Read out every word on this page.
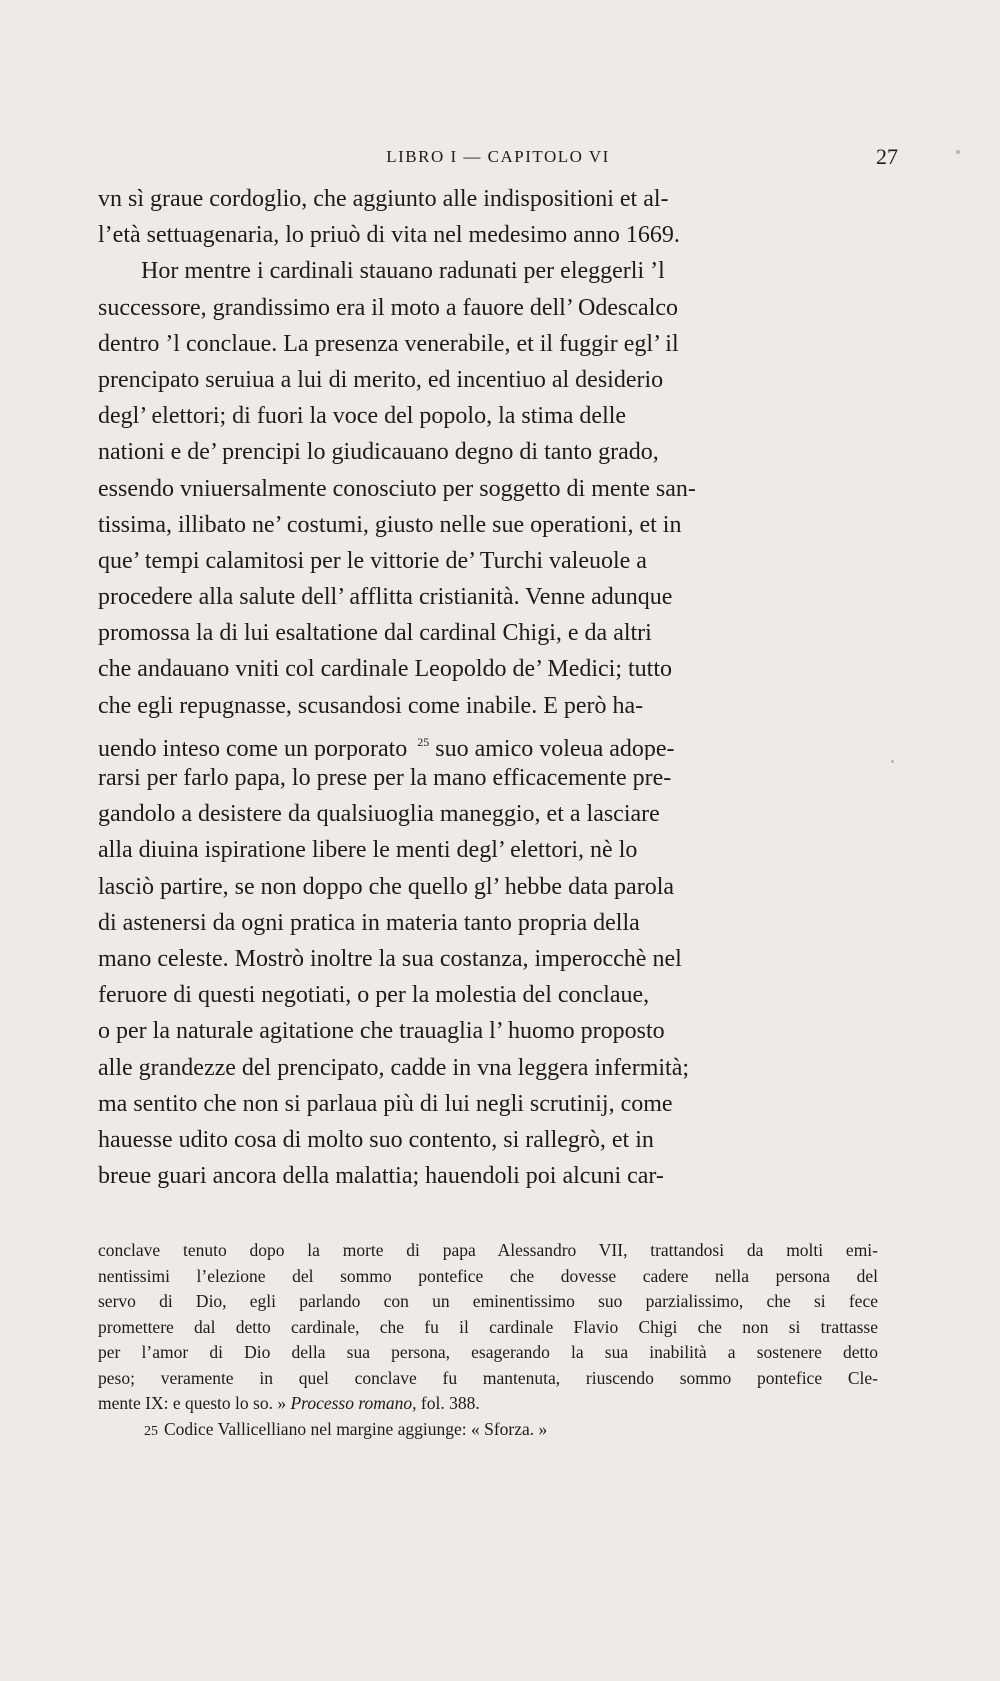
LIBRO I — CAPITOLO VI	27
vn sì graue cordoglio, che aggiunto alle indispositioni et al-
l’età settuagenaria, lo priuò di vita nel medesimo anno 1669.
Hor mentre i cardinali stauano radunati per eleggerli ’l
successore, grandissimo era il moto a fauore dell’ Odescalco
dentro ’l conclaue. La presenza venerabile, et il fuggir egl’ il
prencipato seruiua a lui di merito, ed incentiuo al desiderio
degl’ elettori; di fuori la voce del popolo, la stima delle
nationi e de’ prencipi lo giudicauano degno di tanto grado,
essendo vniuersalmente conosciuto per soggetto di mente san-
tissima, illibato ne’ costumi, giusto nelle sue operationi, et in
que’ tempi calamitosi per le vittorie de’ Turchi valeuole a
procedere alla salute dell’ afflitta cristianità. Venne adunque
promossa la di lui esaltatione dal cardinal Chigi, e da altri
che andauano vniti col cardinale Leopoldo de’ Medici; tutto
che egli repugnasse, scusandosi come inabile. E però ha-
uendo inteso come un porporato $^{25}$ suo amico voleua adope-
rarsi per farlo papa, lo prese per la mano efficacemente pre-
gandolo a desistere da qualsiuoglia maneggio, et a lasciare
alla diuina ispiratione libere le menti degl’ elettori, nè lo
lasciò partire, se non doppo che quello gl’ hebbe data parola
di astenersi da ogni pratica in materia tanto propria della
mano celeste. Mostrò inoltre la sua costanza, imperocchè nel
feruore di questi negotiati, o per la molestia del conclaue,
o per la naturale agitatione che trauaglia l’ huomo proposto
alle grandezze del prencipato, cadde in vna leggera infermità;
ma sentito che non si parlaua più di lui negli scrutinij, come
hauesse udito cosa di molto suo contento, si rallegrò, et in
breue guari ancora della malattia; hauendoli poi alcuni car-
conclave tenuto dopo la morte di papa Alessandro VII, trattandosi da molti emi-
nentissimi l’elezione del sommo pontefice che dovesse cadere nella persona del
servo di Dio, egli parlando con un eminentissimo suo parzialissimo, che si fece
promettere dal detto cardinale, che fu il cardinale Flavio Chigi che non si trattasse
per l’amor di Dio della sua persona, esagerando la sua inabilità a sostenere detto
peso; veramente in quel conclave fu mantenuta, riuscendo sommo pontefice Cle-
mente IX: e questo lo so. » Processo romano, fol. 388.
25 Codice Vallicelliano nel margine aggiunge: « Sforza. »
